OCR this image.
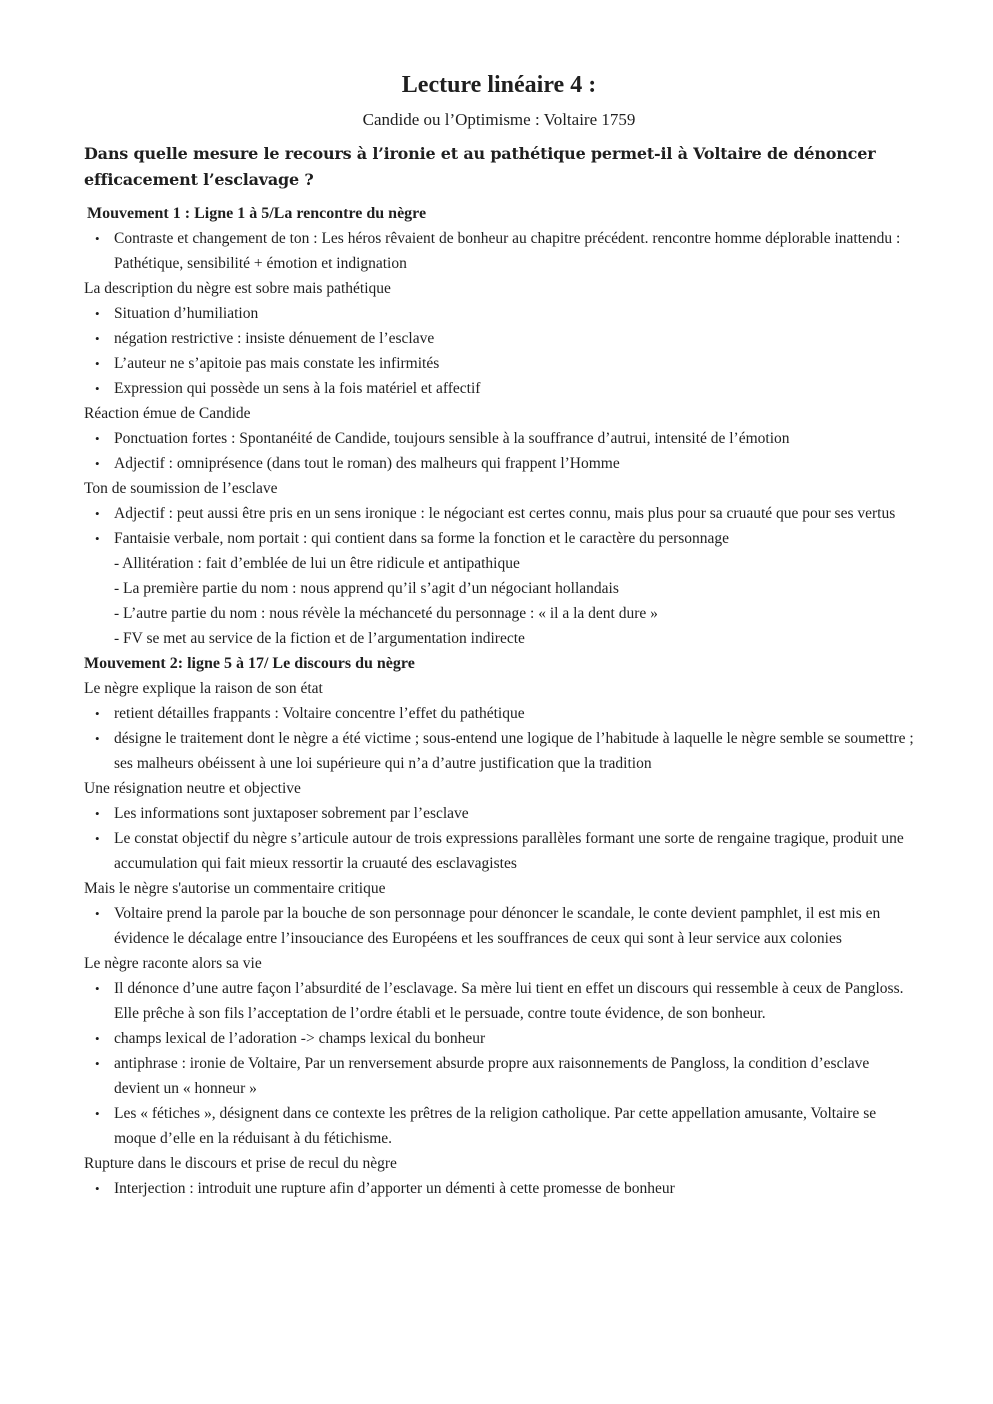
Lecture linéaire 4 :
Candide ou l’Optimisme : Voltaire 1759
Dans quelle mesure le recours à l’ironie et au pathétique permet-il à Voltaire de dénoncer efficacement l’esclavage ?
Mouvement 1 : Ligne 1 à 5/La rencontre du nègre
• Contraste et changement de ton : Les héros rêvaient de bonheur au chapitre précédent. rencontre homme déplorable inattendu : Pathétique, sensibilité + émotion et indignation
La description du nègre est sobre mais pathétique
• Situation d’humiliation
• négation restrictive : insiste dénuement de l’esclave
• L’auteur ne s’apitoie pas mais constate les infirmités
• Expression qui possède un sens à la fois matériel et affectif
Réaction émue de Candide
• Ponctuation fortes : Spontanéité de Candide, toujours sensible à la souffrance d’autrui, intensité de l’émotion
• Adjectif : omniprésence (dans tout le roman) des malheurs qui frappent l’Homme
Ton de soumission de l’esclave
• Adjectif : peut aussi être pris en un sens ironique : le négociant est certes connu, mais plus pour sa cruauté que pour ses vertus
• Fantaisie verbale, nom portait : qui contient dans sa forme la fonction et le caractère du personnage
- Allitération : fait d’emblée de lui un être ridicule et antipathique
- La première partie du nom : nous apprend qu’il s’agit d’un négociant hollandais
- L’autre partie du nom : nous révèle la méchanceté du personnage : « il a la dent dure »
- FV se met au service de la fiction et de l’argumentation indirecte
Mouvement 2: ligne 5 à 17/ Le discours du nègre
Le nègre explique la raison de son état
• retient détailles frappants : Voltaire concentre l’effet du pathétique
• désigne le traitement dont le nègre a été victime ; sous-entend une logique de l’habitude à laquelle le nègre semble se soumettre ; ses malheurs obéissent à une loi supérieure qui n’a d’autre justification que la tradition
Une résignation neutre et objective
• Les informations sont juxtaposer sobrement par l’esclave
• Le constat objectif du nègre s’articule autour de trois expressions parallèles formant une sorte de rengaine tragique, produit une accumulation qui fait mieux ressortir la cruauté des esclavagistes
Mais le nègre s'autorise un commentaire critique
• Voltaire prend la parole par la bouche de son personnage pour dénoncer le scandale, le conte devient pamphlet, il est mis en évidence le décalage entre l’insouciance des Européens et les souffrances de ceux qui sont à leur service aux colonies
Le nègre raconte alors sa vie
• Il dénonce d’une autre façon l’absurdité de l’esclavage. Sa mère lui tient en effet un discours qui ressemble à ceux de Pangloss. Elle prêche à son fils l’acceptation de l’ordre établi et le persuade, contre toute évidence, de son bonheur.
• champs lexical de l’adoration -> champs lexical du bonheur
• antiphrase : ironie de Voltaire, Par un renversement absurde propre aux raisonnements de Pangloss, la condition d’esclave devient un « honneur »
• Les « fétiches », désignent dans ce contexte les prêtres de la religion catholique. Par cette appellation amusante, Voltaire se moque d’elle en la réduisant à du fétichisme.
Rupture dans le discours et prise de recul du nègre
• Interjection : introduit une rupture afin d’apporter un démenti à cette promesse de bonheur
